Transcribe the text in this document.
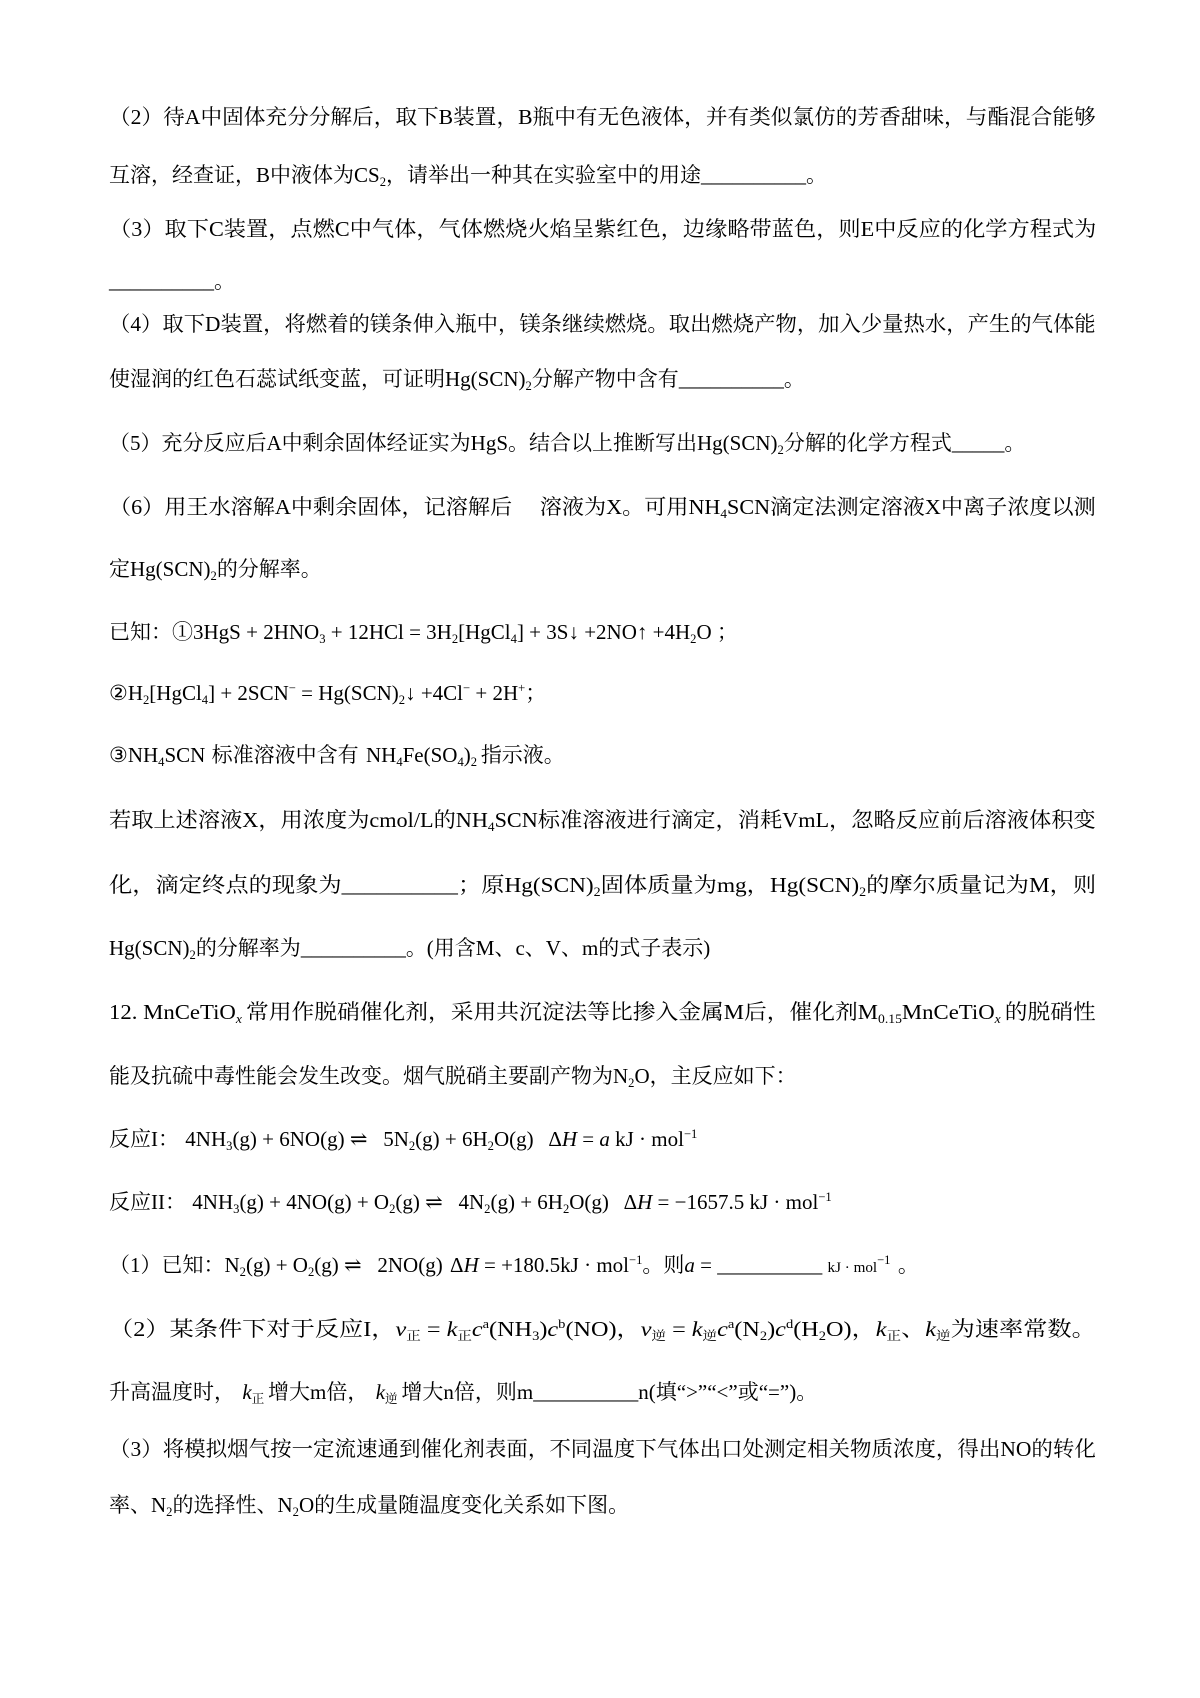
（2）待A中固体充分分解后，取下B装置，B瓶中有无色液体，并有类似氯仿的芳香甜味，与酯混合能够
互溶，经查证，B中液体为 $CS_2$ ，请举出一种其在实验室中的用途 __________ 。
（3）取下C装置，点燃C中气体，气体燃烧火焰呈紫红色，边缘略带蓝色，则E中反应的化学方程式为
__________ 。
（4）取下D装置，将燃着的镁条伸入瓶中，镁条继续燃烧。取出燃烧产物，加入少量热水，产生的气体能
使湿润的红色石蕊试纸变蓝，可证明 $Hg(SCN)_2$ 分解产物中含有 __________ 。
（5）充分反应后A中剩余固体经证实为HgS。结合以上推断写出 $Hg(SCN)_2$ 分解的化学方程式 _____ 。
（6）用王水溶解A中剩余固体，记溶解后　 溶液为X。可用 $NH_4$ SCN 滴定法测定溶液X中离子浓度以测
定 $Hg(SCN)_2$ 的分解率。
已知：① $3HgS + 2HNO_3 + 12HCl = 3H_2$ [HgCl$_4$ ] + 3S↓ +2NO↑ $+4H_2$ O ；
② $H_2$ [HgCl$_4$ ] + $2SCN^- = Hg(SCN)_2$ ↓ +4Cl− + 2H+ ；
③ $NH_4$ SCN 标准溶液中含有 $NH_4$ $Fe(SO_4$ )$_2$ 指示液。
若取上述溶液X，用浓度为cmol/L的 $NH_4$ SCN 标准溶液进行滴定，消耗VmL，忽略反应前后溶液体积变
化，滴定终点的现象为 __________ ；原 $Hg(SCN)_2$ 固体质量为mg， $Hg(SCN)_2$ 的摩尔质量记为M，则
$Hg(SCN)_2$ 的分解率为 __________ 。(用含M、c、V、m的式子表示)
12. MnCeTiO$_x$ 常用作脱硝催化剂，采用共沉淀法等比掺入金属M后，催化剂 $M_{0.15}$ MnCeTiO$_x$ 的脱硝性
能及抗硫中毒性能会发生改变。烟气脱硝主要副产物为 $N_2$ O ，主反应如下：
反应I： $4NH_3$ (g) + 6NO(g) ⇌ $5N_2$ $(g) + 6H_2$ O(g) Δ H = a kJ · mol$^{-1}$
反应II： $4NH_3$ $(g) + 4NO(g) + O_2$ (g) ⇌ $4N_2$ $(g) + 6H_2$ O(g) Δ H = −1657.5 kJ · mol$^{-1}$
（1）已知： $N_2$ $(g) + O_2$ (g) ⇌ 2NO(g) Δ H = +180.5kJ · mol$^{-1}$ 。则 a = __________ kJ · mol$^{-1}$ 。
（2）某条件下对于反应I， $v_正 = k_正$ $c^a$ ($NH_3$ ) $c^b$ (NO) ， $v_逆 = k_逆$ $c^a$ ($N_2$ ) $c^d$ ($H_2$ O) ， $k_正$ 、 $k_逆$ 为速率常数。
升高温度时， $k_正$ 增大m倍， $k_逆$ 增大n倍，则m __________ n(填“>”“<”或“=”)。
（3）将模拟烟气按一定流速通到催化剂表面，不同温度下气体出口处测定相关物质浓度，得出NO的转化
率、 $N_2$ 的选择性、 $N_2$ O 的生成量随温度变化关系如下图。
